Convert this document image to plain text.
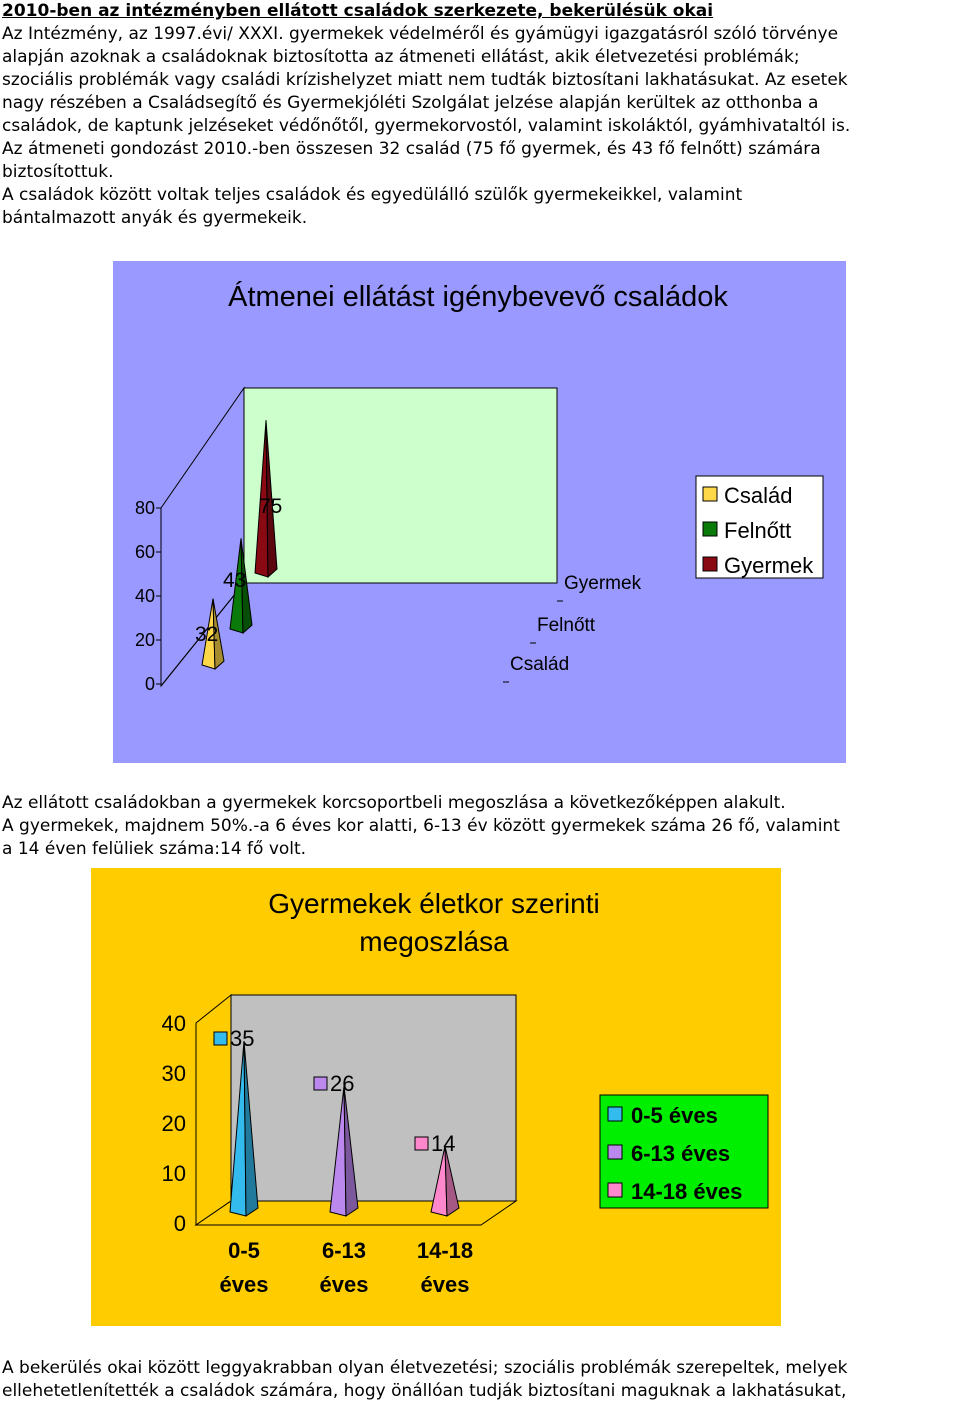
2010-ben az intézményben ellátott családok szerkezete, bekerülésük okai
Az Intézmény, az 1997.évi/ XXXI. gyermekek védelméről és gyámügyi igazgatásról szóló törvénye
alapján azoknak a családoknak biztosította az átmeneti ellátást, akik életvezetési problémák;
szociális problémák vagy családi krízishelyzet miatt nem tudták biztosítani lakhatásukat. Az esetek
nagy részében a Családsegítő és Gyermekjóléti Szolgálat jelzése alapján kerültek az otthonba a
családok, de kaptunk jelzéseket védőnőtől, gyermekorvostól, valamint iskoláktól, gyámhivataltól is.
Az átmeneti gondozást 2010.-ben összesen 32 család (75 fő gyermek, és 43 fő felnőtt) számára
biztosítottuk.
A családok között voltak teljes családok és egyedülálló szülők gyermekeikkel, valamint
bántalmazott anyák és gyermekeik.
Átmenei ellátást igénybevevő családok
0
20
40
60
80
32
43
75
Család
Felnőtt
Gyermek
Család
Felnőtt
Gyermek
Az ellátott családokban a gyermekek korcsoportbeli megoszlása a következőképpen alakult.
A gyermekek, majdnem 50%.-a 6 éves kor alatti, 6-13 év között gyermekek száma 26 fő, valamint
a 14 éven felüliek száma:14 fő volt.
Gyermekek életkor szerinti
megoszlása
0
10
20
30
40
35
26
14
0-5
éves
6-13
éves
14-18
éves
0-5 éves
6-13 éves
14-18 éves
A bekerülés okai között leggyakrabban olyan életvezetési; szociális problémák szerepeltek, melyek
ellehetetlenítették a családok számára, hogy önállóan tudják biztosítani maguknak a lakhatásukat,
